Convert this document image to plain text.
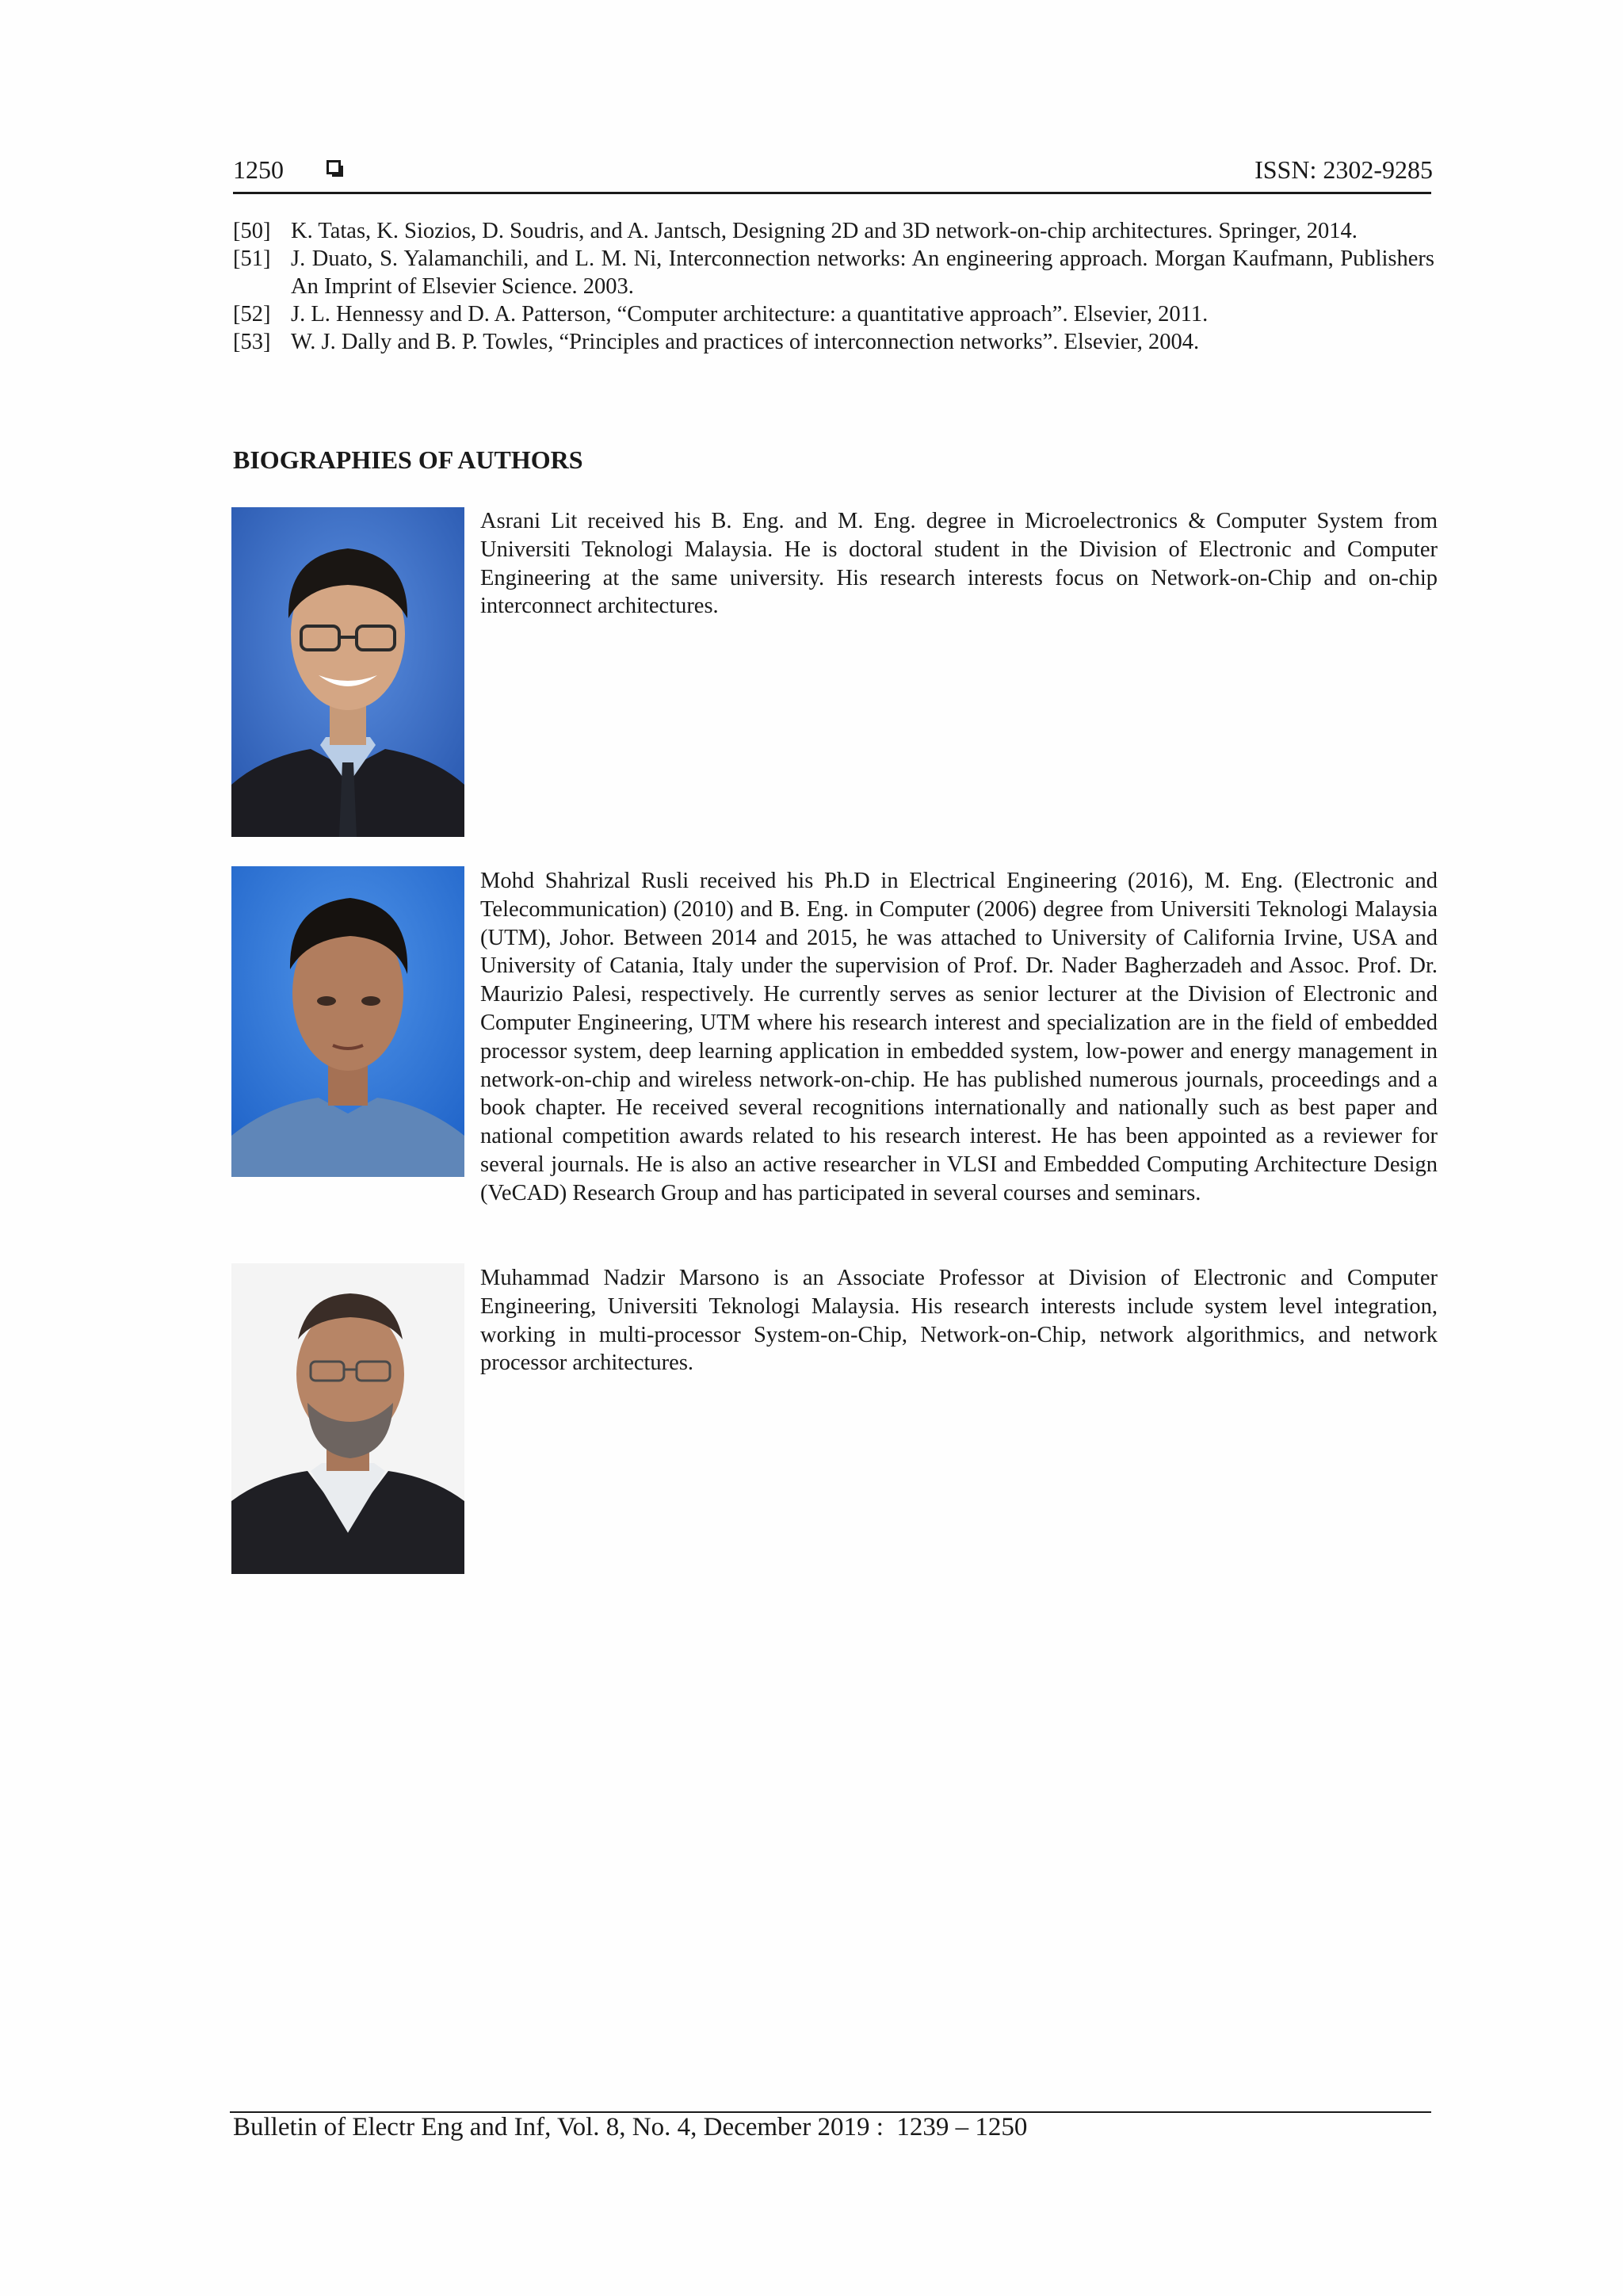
1250	ISSN: 2302-9285
[50] K. Tatas, K. Siozios, D. Soudris, and A. Jantsch, Designing 2D and 3D network-on-chip architectures. Springer, 2014.
[51] J. Duato, S. Yalamanchili, and L. M. Ni, Interconnection networks: An engineering approach. Morgan Kaufmann, Publishers An Imprint of Elsevier Science. 2003.
[52] J. L. Hennessy and D. A. Patterson, “Computer architecture: a quantitative approach”. Elsevier, 2011.
[53] W. J. Dally and B. P. Towles, “Principles and practices of interconnection networks”. Elsevier, 2004.
BIOGRAPHIES OF AUTHORS
Asrani Lit received his B. Eng. and M. Eng. degree in Microelectronics & Computer System from Universiti Teknologi Malaysia. He is doctoral student in the Division of Electronic and Computer Engineering at the same university. His research interests focus on Network-on-Chip and on-chip interconnect architectures.
Mohd Shahrizal Rusli received his Ph.D in Electrical Engineering (2016), M. Eng. (Electronic and Telecommunication) (2010) and B. Eng. in Computer (2006) degree from Universiti Teknologi Malaysia (UTM), Johor. Between 2014 and 2015, he was attached to University of California Irvine, USA and University of Catania, Italy under the supervision of Prof. Dr. Nader Bagherzadeh and Assoc. Prof. Dr. Maurizio Palesi, respectively. He currently serves as senior lecturer at the Division of Electronic and Computer Engineering, UTM where his research interest and specialization are in the field of embedded processor system, deep learning application in embedded system, low-power and energy management in network-on-chip and wireless network-on-chip. He has published numerous journals, proceedings and a book chapter. He received several recognitions internationally and nationally such as best paper and national competition awards related to his research interest. He has been appointed as a reviewer for several journals. He is also an active researcher in VLSI and Embedded Computing Architecture Design (VeCAD) Research Group and has participated in several courses and seminars.
Muhammad Nadzir Marsono is an Associate Professor at Division of Electronic and Computer Engineering, Universiti Teknologi Malaysia. His research interests include system level integration, working in multi-processor System-on-Chip, Network-on-Chip, network algorithmics, and network processor architectures.
Bulletin of Electr Eng and Inf, Vol. 8, No. 4, December 2019 :  1239 – 1250
